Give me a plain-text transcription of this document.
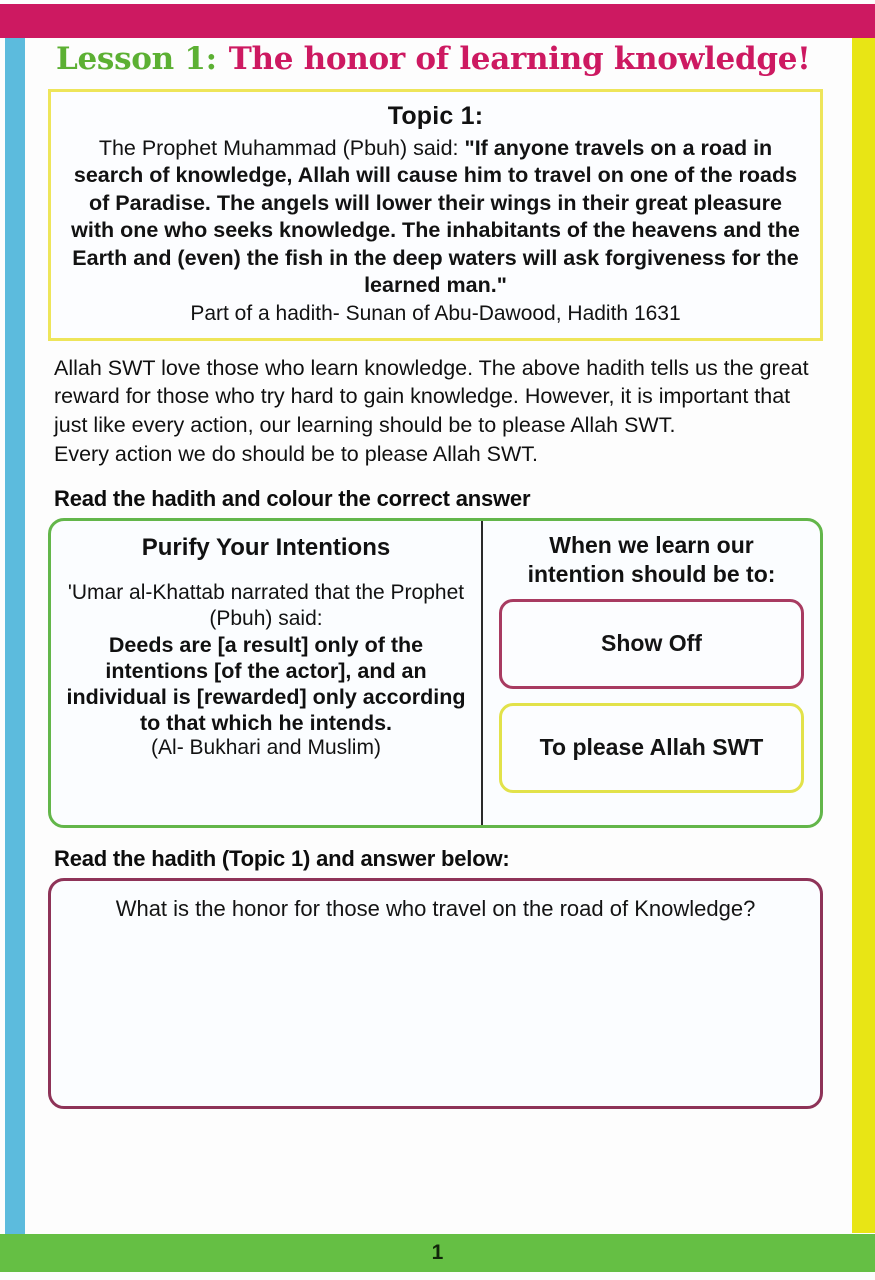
1
Lesson 1: The honor of learning knowledge!
Topic 1:
The Prophet Muhammad (Pbuh) said: "If anyone travels on a road in search of knowledge, Allah will cause him to travel on one of the roads of Paradise. The angels will lower their wings in their great pleasure with one who seeks knowledge. The inhabitants of the heavens and the Earth and (even) the fish in the deep waters will ask forgiveness for the learned man."
Part of a hadith- Sunan of Abu-Dawood, Hadith 1631

Allah SWT love those who learn knowledge. The above hadith tells us the great reward for those who try hard to gain knowledge. However, it is important that just like every action, our learning should be to please Allah SWT.

Every action we do should be to please Allah SWT.

Read the hadith and colour the correct answer
Purify Your Intentions
'Umar al-Khattab narrated that the Prophet (Pbuh) said:
Deeds are [a result] only of the intentions [of the actor], and an individual is [rewarded] only according to that which he intends.
(Al- Bukhari and Muslim)
When we learn our intention should be to:
Show Off
To please Allah SWT
Read the hadith (Topic 1) and answer below:
What is the honor for those who travel on the road of Knowledge?
